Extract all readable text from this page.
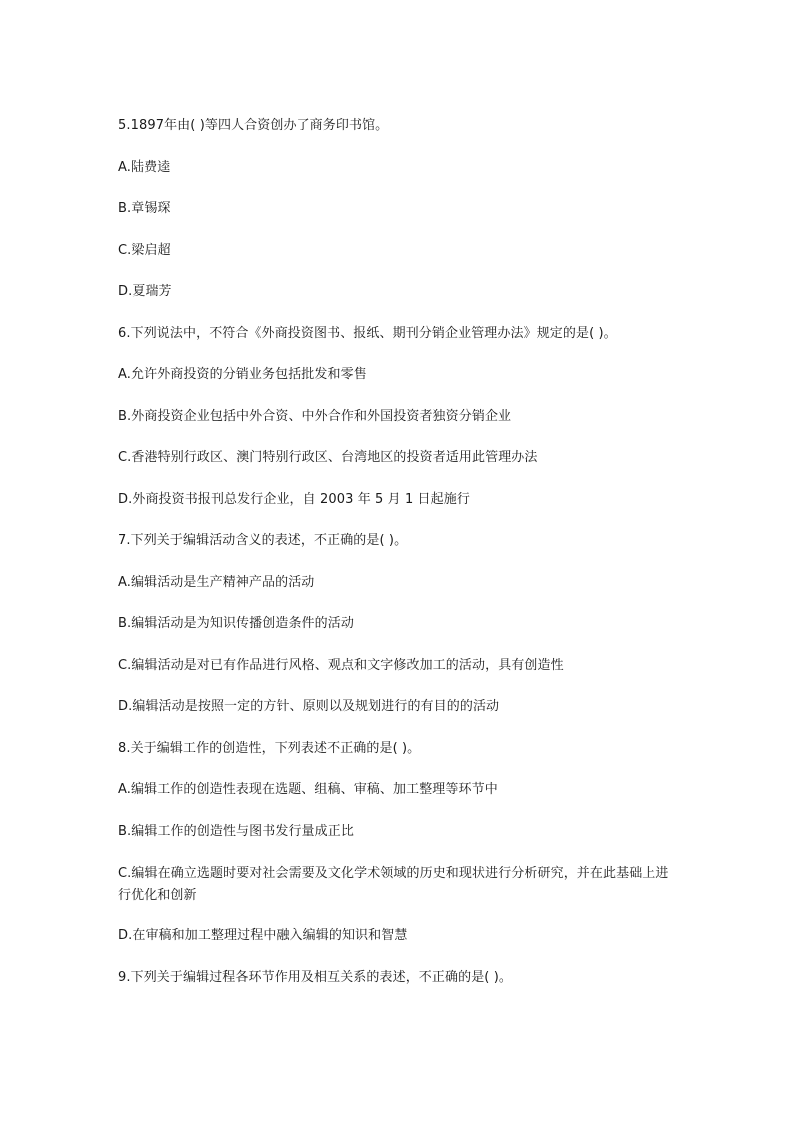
5.1897年由( )等四人合资创办了商务印书馆。

A.陆费逵

B.章锡琛

C.梁启超

D.夏瑞芳

6.下列说法中，不符合《外商投资图书、报纸、期刊分销企业管理办法》规定的是( )。

A.允许外商投资的分销业务包括批发和零售

B.外商投资企业包括中外合资、中外合作和外国投资者独资分销企业

C.香港特别行政区、澳门特别行政区、台湾地区的投资者适用此管理办法

D.外商投资书报刊总发行企业，自 2003 年 5 月 1 日起施行

7.下列关于编辑活动含义的表述，不正确的是( )。

A.编辑活动是生产精神产品的活动

B.编辑活动是为知识传播创造条件的活动

C.编辑活动是对已有作品进行风格、观点和文字修改加工的活动，具有创造性

D.编辑活动是按照一定的方针、原则以及规划进行的有目的的活动

8.关于编辑工作的创造性，下列表述不正确的是( )。

A.编辑工作的创造性表现在选题、组稿、审稿、加工整理等环节中

B.编辑工作的创造性与图书发行量成正比

C.编辑在确立选题时要对社会需要及文化学术领域的历史和现状进行分析研究，并在此基础上进行优化和创新

D.在审稿和加工整理过程中融入编辑的知识和智慧

9.下列关于编辑过程各环节作用及相互关系的表述，不正确的是( )。
